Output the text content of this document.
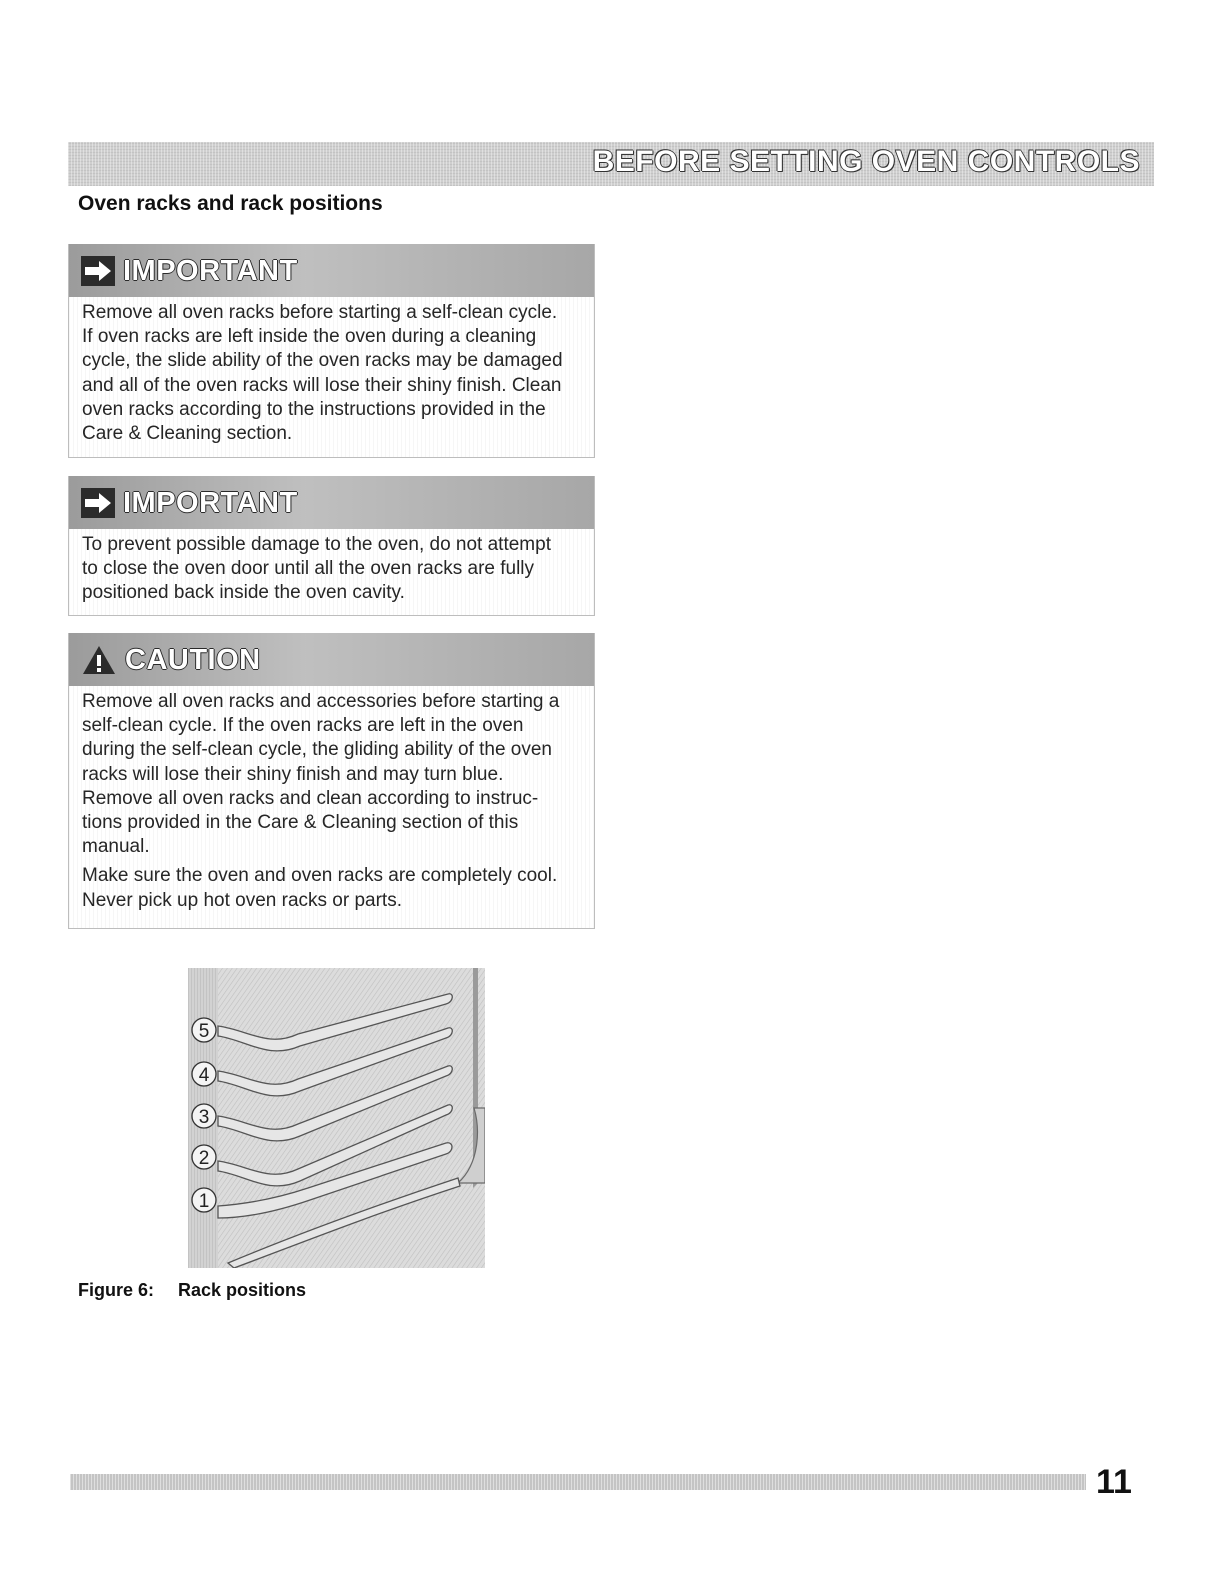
BEFORE SETTING OVEN CONTROLS
Oven racks and rack positions
IMPORTANT
Remove all oven racks before starting a self-clean cycle.
If oven racks are left inside the oven during a cleaning
cycle, the slide ability of the oven racks may be damaged
and all of the oven racks will lose their shiny finish. Clean
oven racks according to the instructions provided in the
Care & Cleaning section.
IMPORTANT
To prevent possible damage to the oven, do not attempt
to close the oven door until all the oven racks are fully
positioned back inside the oven cavity.
CAUTION

Remove all oven racks and accessories before starting a
self-clean cycle. If the oven racks are left in the oven
during the self-clean cycle, the gliding ability of the oven
racks will lose their shiny finish and may turn blue.
Remove all oven racks and clean according to instruc-
tions provided in the Care & Cleaning section of this
manual.

Make sure the oven and oven racks are completely cool.
Never pick up hot oven racks or parts.

5
4
3
2
1
Figure 6: Rack positions
11
